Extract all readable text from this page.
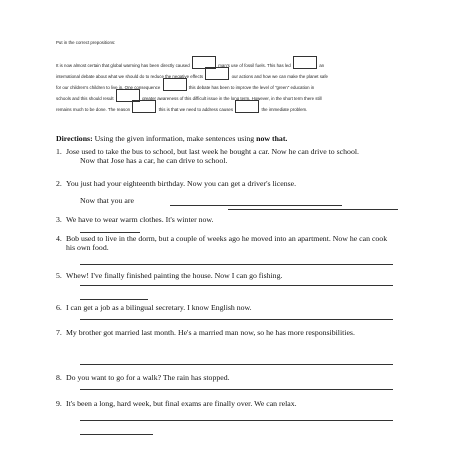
Put in the correct prepositions:
It is now almost certain that global warming has been directly caused	man's use of fossil fuels. This has led	an
international debate about what we should do to reduce the negative effects	our actions and how we can make the planet safe
for our children's children to live in. One consequence	this debate has been to improve the level of "green" education in
schools and this should result	greater awareness of this difficult issue in the long term. However, in the short term there still
remains much to be done. The reason	this is that we need to address causes	the immediate problem.
Directions: Using the given information, make sentences using now that.
1. Jose used to take the bus to school, but last week he bought a car. Now he can drive to school.
Now that Jose has a car, he can drive to school.
2. You just had your eighteenth birthday. Now you can get a driver's license.
Now that you are
3. We have to wear warm clothes. It's winter now.
4. Bob used to live in the dorm, but a couple of weeks ago he moved into an apartment. Now he can cook his own food.
5. Whew! I've finally finished painting the house. Now I can go fishing.
6. I can get a job as a bilingual secretary. I know English now.
7. My brother got married last month. He's a married man now, so he has more responsibilities.
8. Do you want to go for a walk? The rain has stopped.
9. It's been a long, hard week, but final exams are finally over. We can relax.
